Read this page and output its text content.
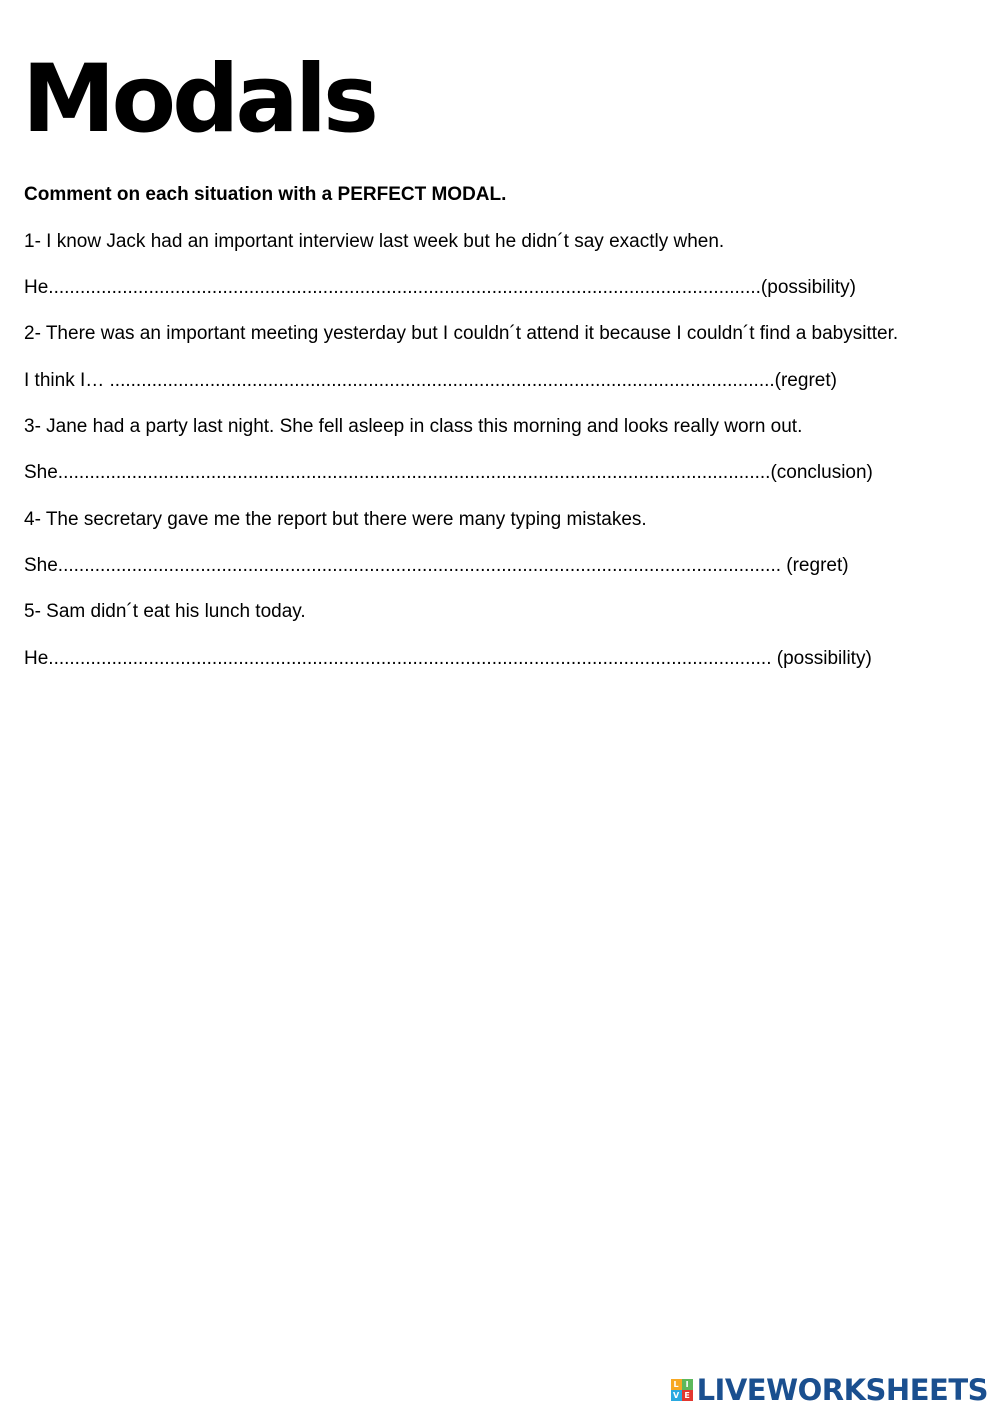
Modals

Comment on each situation with a PERFECT MODAL.

1- I know Jack had an important interview last week but he didn´t say exactly when.

He.......................................................................................................................................(possibility)

2- There was an important meeting yesterday but I couldn´t attend it because I couldn´t find a babysitter.

I think I… ..............................................................................................................................(regret)

3- Jane had a party last night. She fell asleep in class this morning and looks really worn out.

She.......................................................................................................................................(conclusion)

4- The secretary gave me the report but there were many typing mistakes.

She......................................................................................................................................... (regret)

5- Sam didn´t eat his lunch today.

He......................................................................................................................................... (possibility)

L I
V E LIVEWORKSHEETS
